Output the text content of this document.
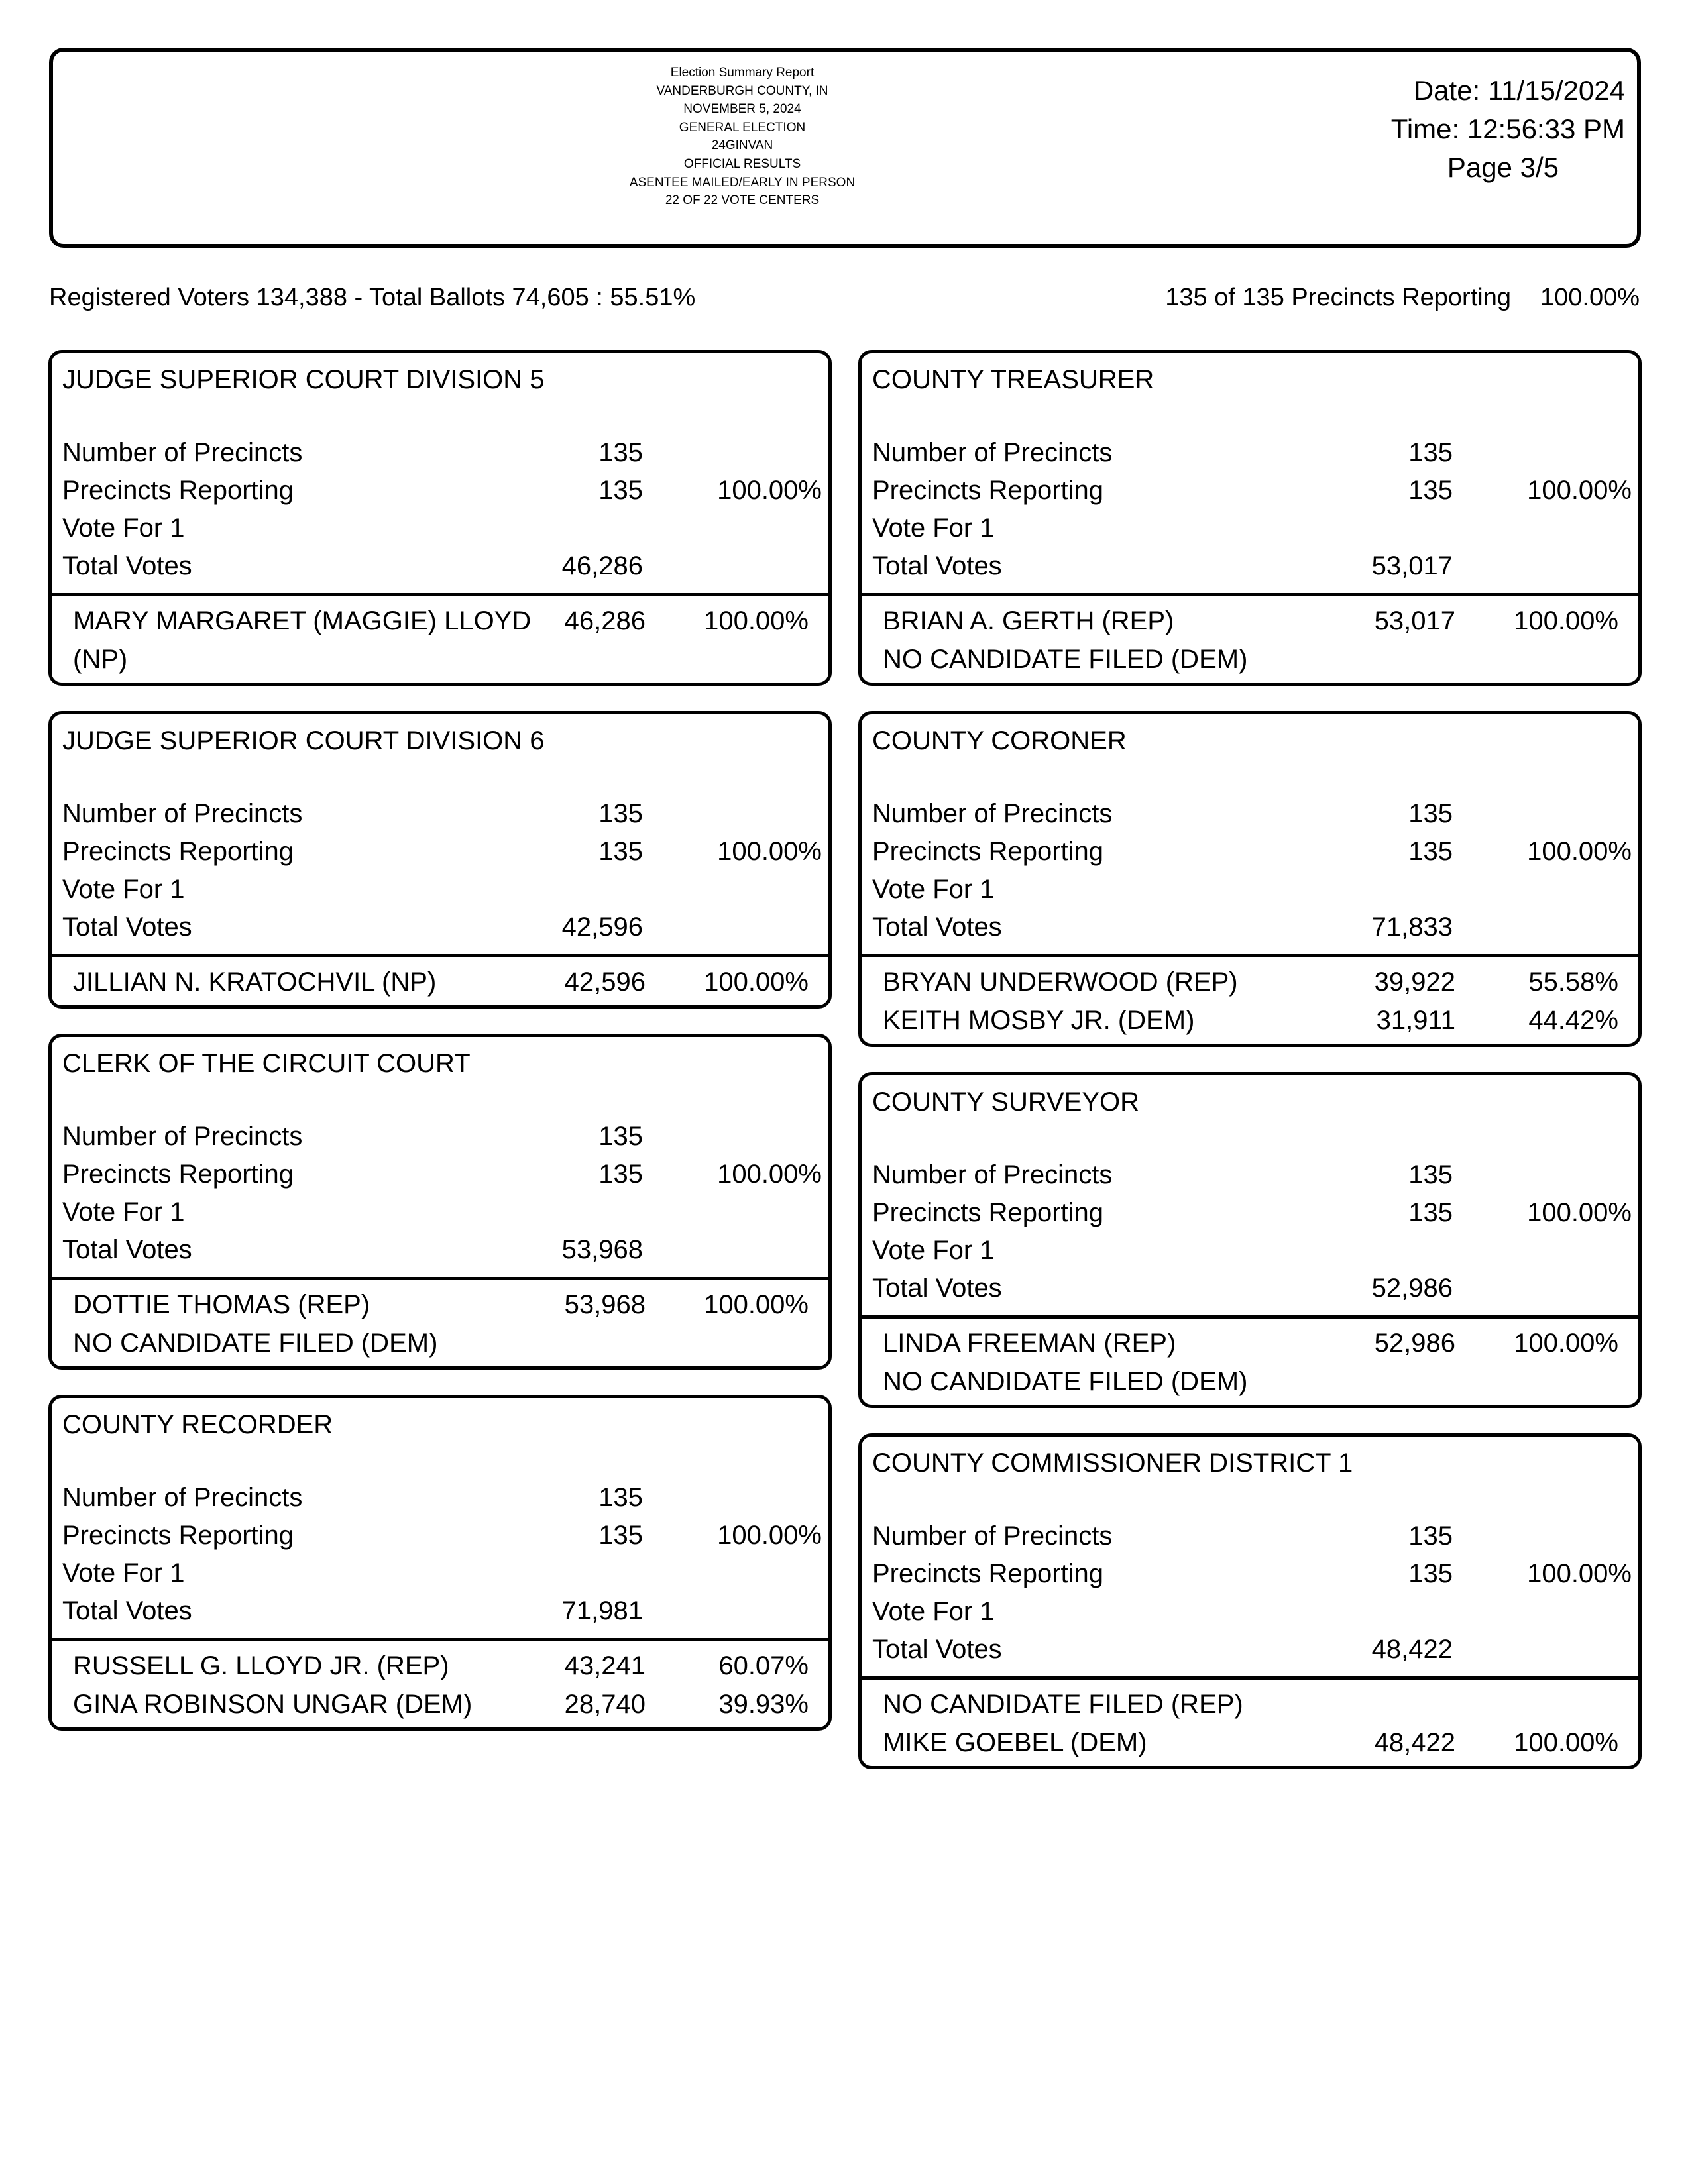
Election Summary Report
VANDERBURGH COUNTY, IN
NOVEMBER 5, 2024
GENERAL ELECTION
24GINVAN
OFFICIAL RESULTS
ASENTEE MAILED/EARLY IN PERSON
22 OF 22 VOTE CENTERS
Date: 11/15/2024
Time: 12:56:33 PM
Page 3/5
Registered Voters 134,388 - Total Ballots 74,605 : 55.51%	135 of 135 Precincts Reporting 100.00%
JUDGE SUPERIOR COURT DIVISION 5
Number of Precincts	135
Precincts Reporting	135	100.00%
Vote For 1
Total Votes	46,286
MARY MARGARET (MAGGIE) LLOYD (NP)
46,286 100.00%
JUDGE SUPERIOR COURT DIVISION 6
Number of Precincts	135
Precincts Reporting	135	100.00%
Vote For 1
Total Votes	42,596
JILLIAN N. KRATOCHVIL (NP)	42,596 100.00%
CLERK OF THE CIRCUIT COURT
Number of Precincts	135
Precincts Reporting	135	100.00%
Vote For 1
Total Votes	53,968
DOTTIE THOMAS (REP)	53,968 100.00%
NO CANDIDATE FILED (DEM)
COUNTY RECORDER
Number of Precincts	135
Precincts Reporting	135	100.00%
Vote For 1
Total Votes	71,981
RUSSELL G. LLOYD JR. (REP)	43,241	60.07%
GINA ROBINSON UNGAR (DEM)	28,740	39.93%
COUNTY TREASURER
Number of Precincts	135
Precincts Reporting	135	100.00%
Vote For 1
Total Votes	53,017
BRIAN A. GERTH (REP)	53,017 100.00%
NO CANDIDATE FILED (DEM)
COUNTY CORONER
Number of Precincts	135
Precincts Reporting	135	100.00%
Vote For 1
Total Votes	71,833
BRYAN UNDERWOOD (REP)	39,922	55.58%
KEITH MOSBY JR. (DEM)	31,911	44.42%
COUNTY SURVEYOR
Number of Precincts	135
Precincts Reporting	135	100.00%
Vote For 1
Total Votes	52,986
LINDA FREEMAN (REP)	52,986 100.00%
NO CANDIDATE FILED (DEM)
COUNTY COMMISSIONER DISTRICT 1
Number of Precincts	135
Precincts Reporting	135	100.00%
Vote For 1
Total Votes	48,422
NO CANDIDATE FILED (REP)
MIKE GOEBEL (DEM)	48,422 100.00%
